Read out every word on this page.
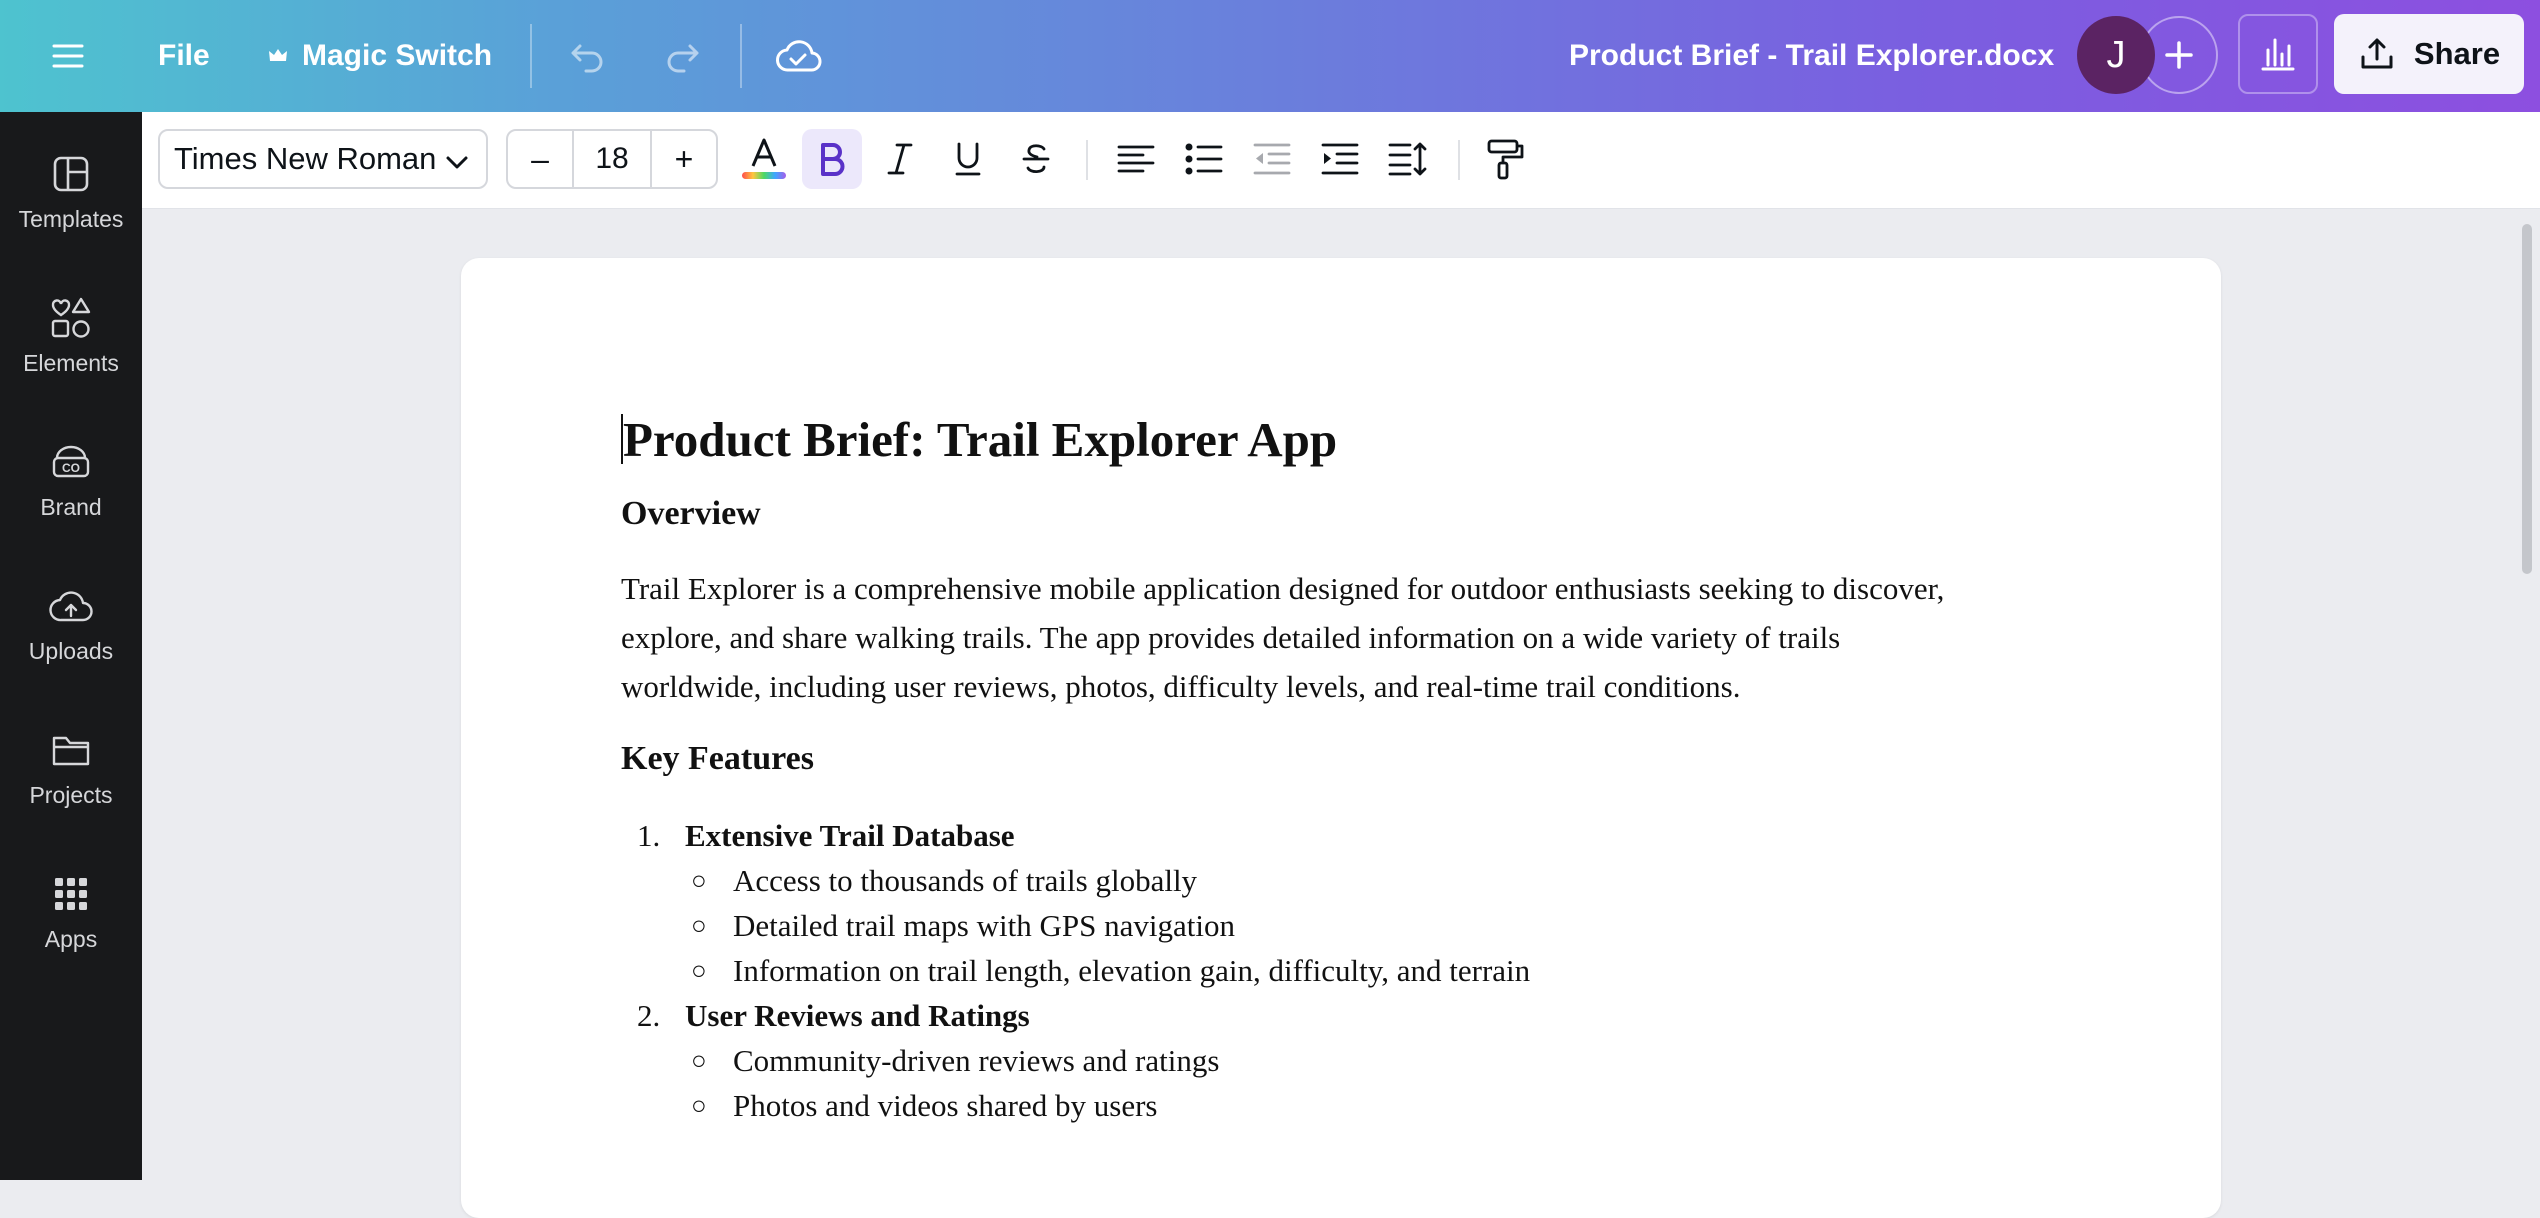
File	Magic Switch	Product Brief - Trail Explorer.docx J	Share
Templates
Elements
CO
Brand
Uploads
Projects
Apps
Times New Roman	–	18	+
Product Brief: Trail Explorer App
Overview

Trail Explorer is a comprehensive mobile application designed for outdoor enthusiasts seeking to discover,

explore, and share walking trails. The app provides detailed information on a wide variety of trails

worldwide, including user reviews, photos, difficulty levels, and real-time trail conditions.

Key Features
1. Extensive Trail Database
○ Access to thousands of trails globally
○ Detailed trail maps with GPS navigation
○ Information on trail length, elevation gain, difficulty, and terrain
2. User Reviews and Ratings
○ Community-driven reviews and ratings
○ Photos and videos shared by users
